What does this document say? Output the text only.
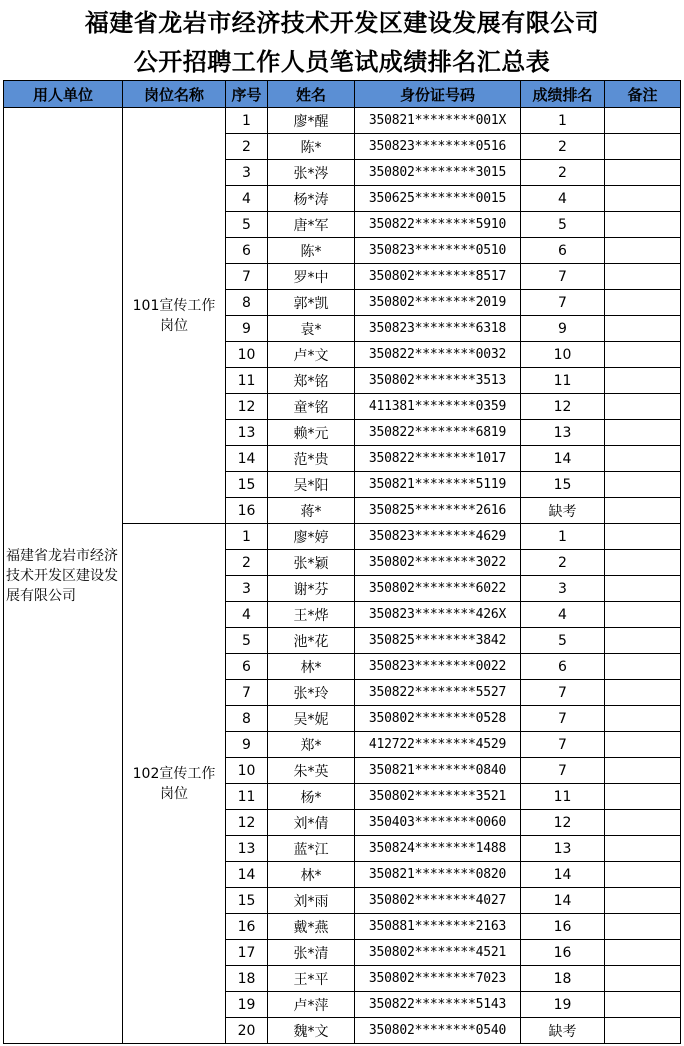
福建省龙岩市经济技术开发区建设发展有限公司
公开招聘工作人员笔试成绩排名汇总表
用人单位	岗位名称	序号	姓名	身份证号码	成绩排名	备注
福建省龙岩市经济技术开发区建设发展有限公司	101宣传工作岗位	1	廖*醒	350821********001X	1	
		2	陈*	350823********0516	2	
		3	张*涔	350802********3015	2	
		4	杨*涛	350625********0015	4	
		5	唐*军	350822********5910	5	
		6	陈*	350823********0510	6	
		7	罗*中	350802********8517	7	
		8	郭*凯	350802********2019	7	
		9	袁*	350823********6318	9	
		10	卢*文	350822********0032	10	
		11	郑*铭	350802********3513	11	
		12	童*铭	411381********0359	12	
		13	赖*元	350822********6819	13	
		14	范*贵	350822********1017	14	
		15	吴*阳	350821********5119	15	
		16	蒋*	350825********2616	缺考	
	102宣传工作岗位	1	廖*婷	350823********4629	1	
		2	张*颖	350802********3022	2	
		3	谢*芬	350802********6022	3	
		4	王*烨	350823********426X	4	
		5	池*花	350825********3842	5	
		6	林*	350823********0022	6	
		7	张*玲	350822********5527	7	
		8	吴*妮	350802********0528	7	
		9	郑*	412722********4529	7	
		10	朱*英	350821********0840	7	
		11	杨*	350802********3521	11	
		12	刘*倩	350403********0060	12	
		13	蓝*江	350824********1488	13	
		14	林*	350821********0820	14	
		15	刘*雨	350802********4027	14	
		16	戴*燕	350881********2163	16	
		17	张*清	350802********4521	16	
		18	王*平	350802********7023	18	
		19	卢*萍	350822********5143	19	
		20	魏*文	350802********0540	缺考	
